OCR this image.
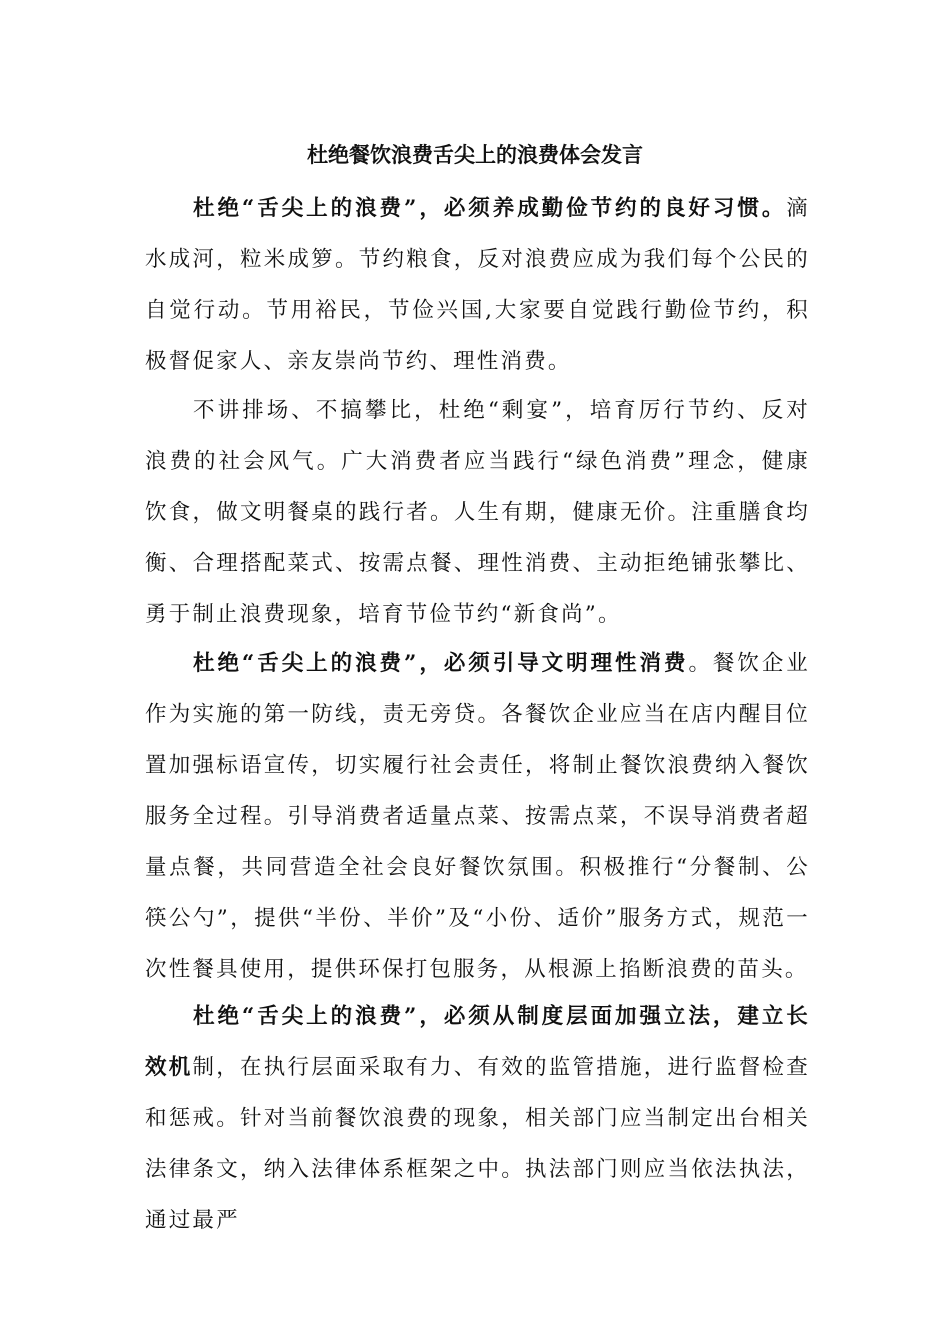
杜绝餐饮浪费舌尖上的浪费体会发言

杜绝“舌尖上的浪费”，必须养成勤俭节约的良好习惯。滴水成河，粒米成箩。节约粮食，反对浪费应成为我们每个公民的自觉行动。节用裕民，节俭兴国,大家要自觉践行勤俭节约，积极督促家人、亲友崇尚节约、理性消费。

不讲排场、不搞攀比，杜绝“剩宴”，培育厉行节约、反对浪费的社会风气。广大消费者应当践行“绿色消费”理念，健康饮食，做文明餐桌的践行者。人生有期，健康无价。注重膳食均衡、合理搭配菜式、按需点餐、理性消费、主动拒绝铺张攀比、勇于制止浪费现象，培育节俭节约“新食尚”。

杜绝“舌尖上的浪费”，必须引导文明理性消费。餐饮企业作为实施的第一防线，责无旁贷。各餐饮企业应当在店内醒目位置加强标语宣传，切实履行社会责任，将制止餐饮浪费纳入餐饮服务全过程。引导消费者适量点菜、按需点菜，不误导消费者超量点餐，共同营造全社会良好餐饮氛围。积极推行“分餐制、公筷公勺”，提供“半份、半价”及“小份、适价”服务方式，规范一次性餐具使用，提供环保打包服务，从根源上掐断浪费的苗头。

杜绝“舌尖上的浪费”，必须从制度层面加强立法，建立长效机制，在执行层面采取有力、有效的监管措施，进行监督检查和惩戒。针对当前餐饮浪费的现象，相关部门应当制定出台相关法律条文，纳入法律体系框架之中。执法部门则应当依法执法，通过最严
